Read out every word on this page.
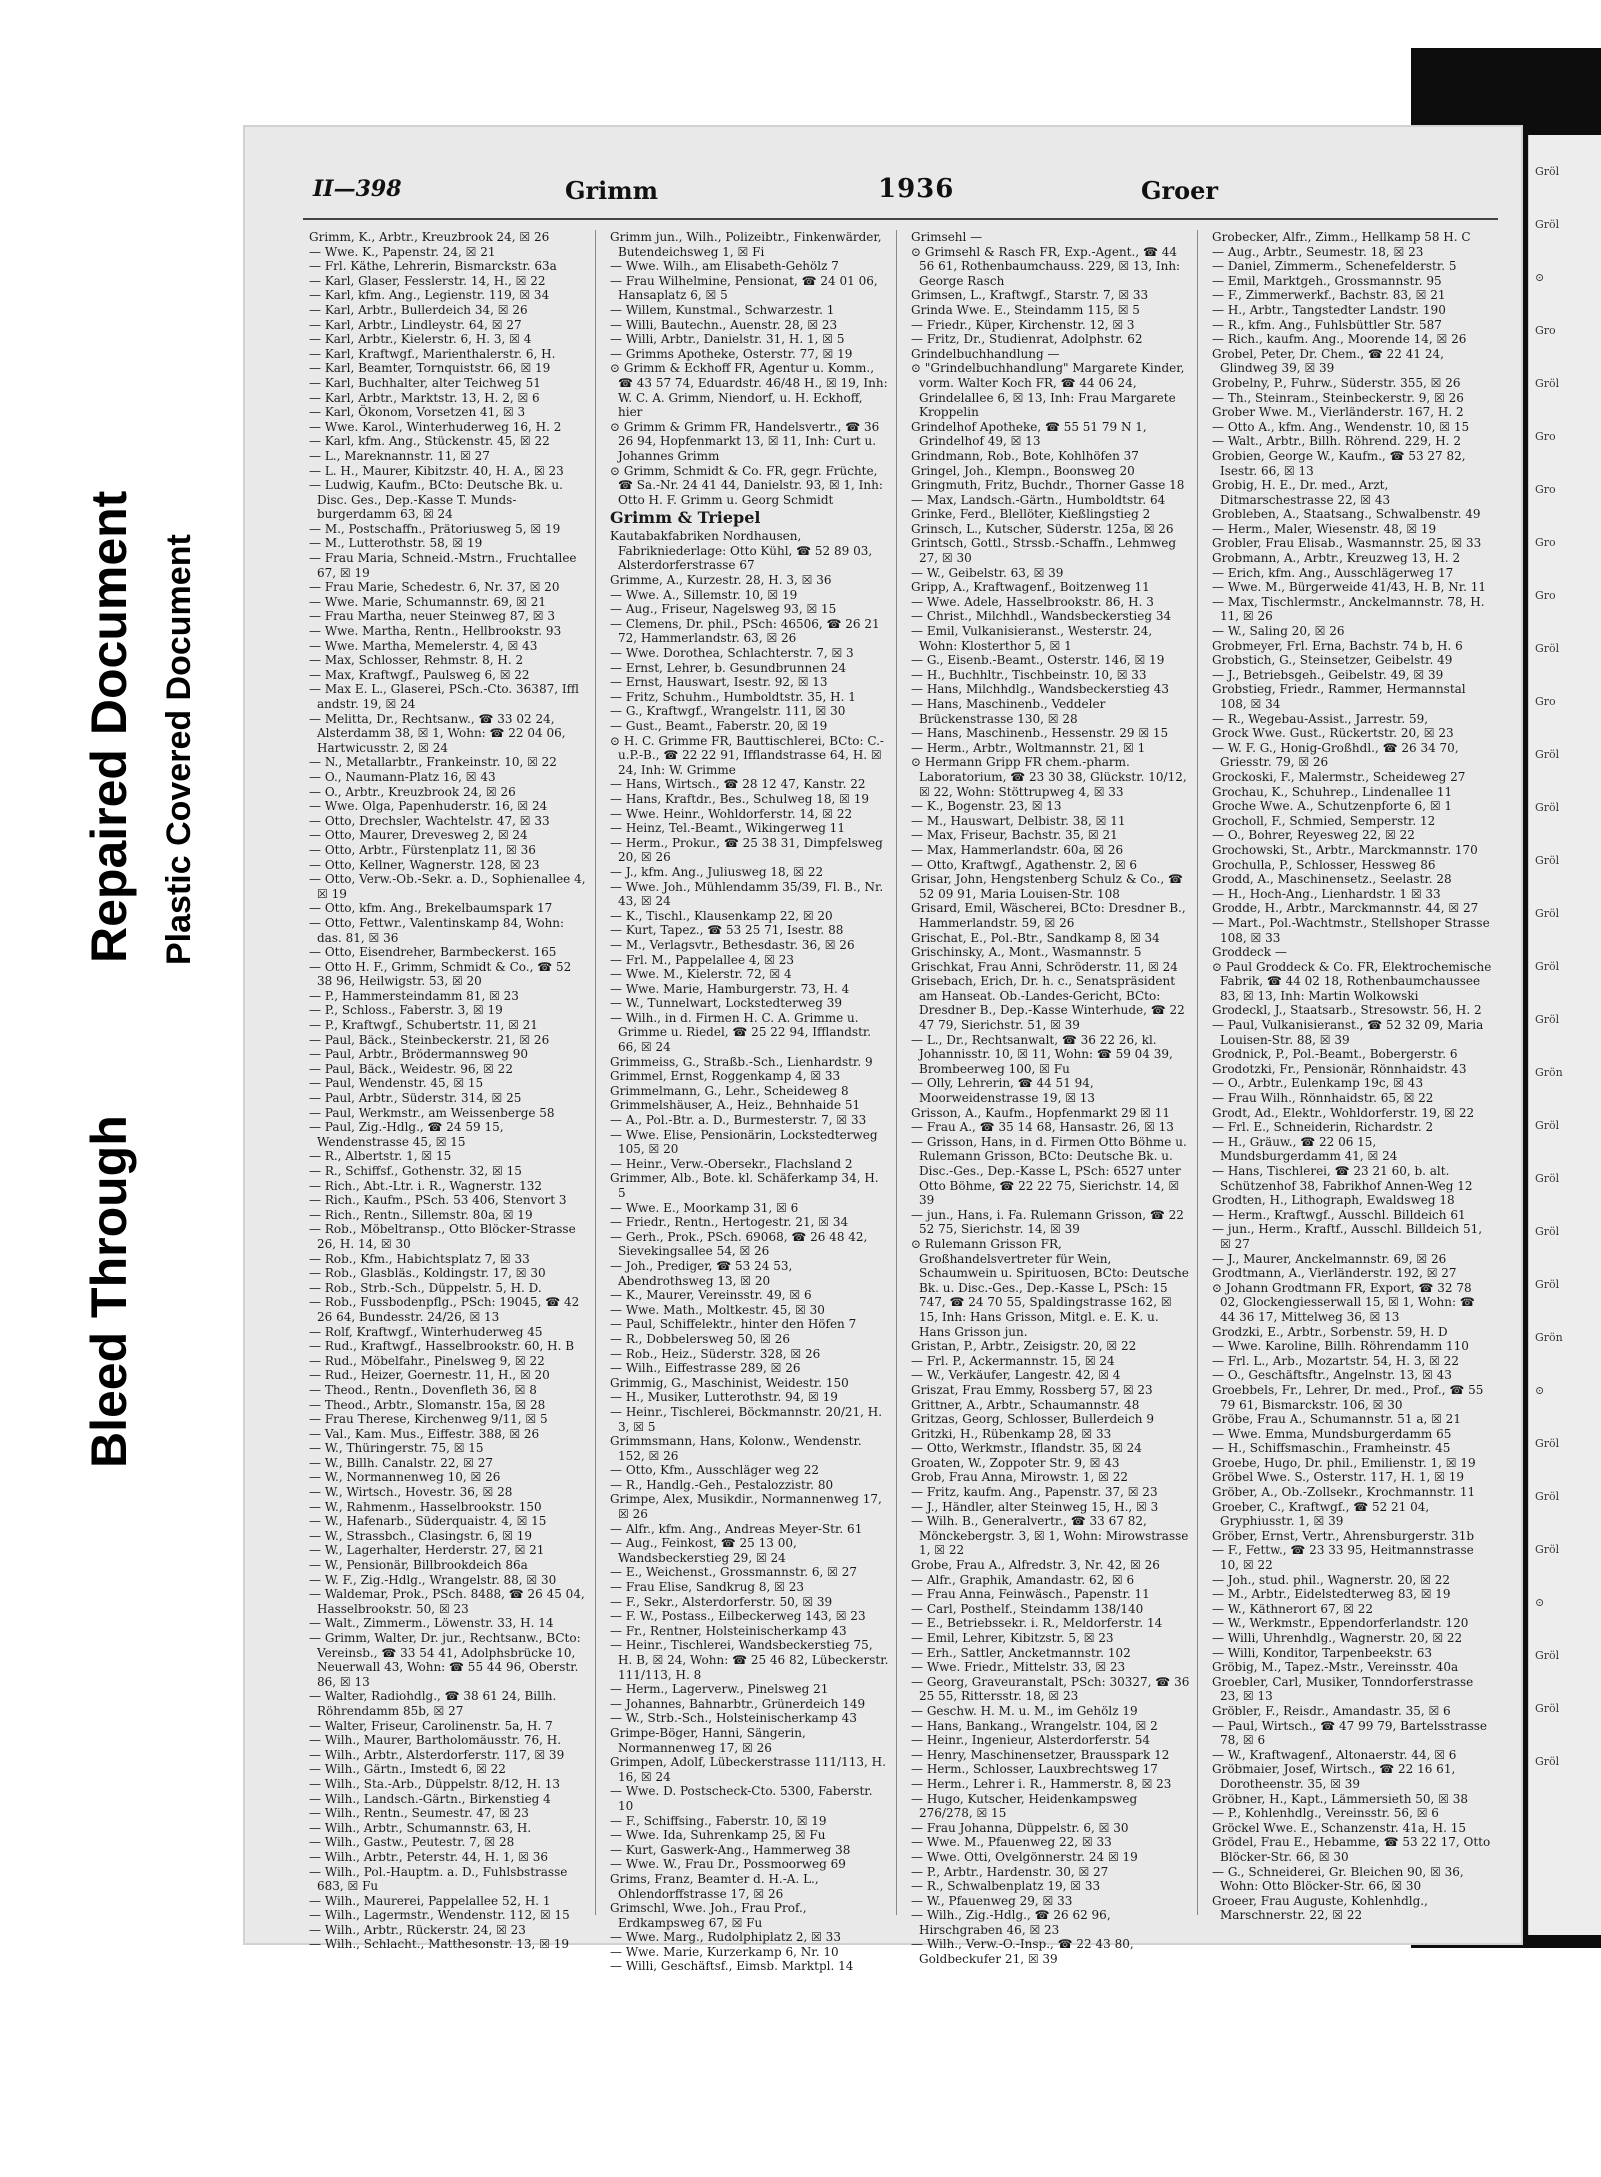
Repaired Document Plastic Covered Document
Bleed Through
II—398	Grimm	1936	Groer

Grimm, K., Arbtr., Kreuzbrook 24, ☒ 26

— Wwe. K., Papenstr. 24, ☒ 21

— Frl. Käthe, Lehrerin, Bismarckstr. 63a

— Karl, Glaser, Fesslerstr. 14, H., ☒ 22

— Karl, kfm. Ang., Legienstr. 119, ☒ 34

— Karl, Arbtr., Bullerdeich 34, ☒ 26

— Karl, Arbtr., Lindleystr. 64, ☒ 27

— Karl, Arbtr., Kielerstr. 6, H. 3, ☒ 4

— Karl, Kraftwgf., Marienthalerstr. 6, H.

— Karl, Beamter, Tornquiststr. 66, ☒ 19

— Karl, Buchhalter, alter Teichweg 51

— Karl, Arbtr., Marktstr. 13, H. 2, ☒ 6

— Karl, Ökonom, Vorsetzen 41, ☒ 3

— Wwe. Karol., Winterhuderweg 16, H. 2

— Karl, kfm. Ang., Stückenstr. 45, ☒ 22

— L., Mareknannstr. 11, ☒ 27

— L. H., Maurer, Kibitzstr. 40, H. A., ☒ 23

— Ludwig, Kaufm., BCto: Deutsche Bk. u. Disc. Ges., Dep.-Kasse T. Munds-burgerdamm 63, ☒ 24

— M., Postschaffn., Prätoriusweg 5, ☒ 19

— M., Lutterothstr. 58, ☒ 19

— Frau Maria, Schneid.-Mstrn., Fruchtallee 67, ☒ 19

— Frau Marie, Schedestr. 6, Nr. 37, ☒ 20

— Wwe. Marie, Schumannstr. 69, ☒ 21

— Frau Martha, neuer Steinweg 87, ☒ 3

— Wwe. Martha, Rentn., Hellbrookstr. 93

— Wwe. Martha, Memelerstr. 4, ☒ 43

— Max, Schlosser, Rehmstr. 8, H. 2

— Max, Kraftwgf., Paulsweg 6, ☒ 22

— Max E. L., Glaserei, PSch.-Cto. 36387, Iffl andstr. 19, ☒ 24

— Melitta, Dr., Rechtsanw., ☎ 33 02 24, Alsterdamm 38, ☒ 1, Wohn: ☎ 22 04 06, Hartwicusstr. 2, ☒ 24

— N., Metallarbtr., Frankeinstr. 10, ☒ 22

— O., Naumann-Platz 16, ☒ 43

— O., Arbtr., Kreuzbrook 24, ☒ 26

— Wwe. Olga, Papenhuderstr. 16, ☒ 24

— Otto, Drechsler, Wachtelstr. 47, ☒ 33

— Otto, Maurer, Drevesweg 2, ☒ 24

— Otto, Arbtr., Fürstenplatz 11, ☒ 36

— Otto, Kellner, Wagnerstr. 128, ☒ 23

— Otto, Verw.-Ob.-Sekr. a. D., Sophienallee 4, ☒ 19

— Otto, kfm. Ang., Brekelbaumspark 17

— Otto, Fettwr., Valentinskamp 84, Wohn: das. 81, ☒ 36

— Otto, Eisendreher, Barmbeckerst. 165

— Otto H. F., Grimm, Schmidt & Co., ☎ 52 38 96, Heilwigstr. 53, ☒ 20

— P., Hammersteindamm 81, ☒ 23

— P., Schloss., Faberstr. 3, ☒ 19

— P., Kraftwgf., Schubertstr. 11, ☒ 21

— Paul, Bäck., Steinbeckerstr. 21, ☒ 26

— Paul, Arbtr., Brödermannsweg 90

— Paul, Bäck., Weidestr. 96, ☒ 22

— Paul, Wendenstr. 45, ☒ 15

— Paul, Arbtr., Süderstr. 314, ☒ 25

— Paul, Werkmstr., am Weissenberge 58

— Paul, Zig.-Hdlg., ☎ 24 59 15, Wendenstrasse 45, ☒ 15

— R., Albertstr. 1, ☒ 15

— R., Schiffsf., Gothenstr. 32, ☒ 15

— Rich., Abt.-Ltr. i. R., Wagnerstr. 132

— Rich., Kaufm., PSch. 53 406, Stenvort 3

— Rich., Rentn., Sillemstr. 80a, ☒ 19

— Rob., Möbeltransp., Otto Blöcker-Strasse 26, H. 14, ☒ 30

— Rob., Kfm., Habichtsplatz 7, ☒ 33

— Rob., Glasbläs., Koldingstr. 17, ☒ 30

— Rob., Strb.-Sch., Düppelstr. 5, H. D.

— Rob., Fussbodenpflg., PSch: 19045, ☎ 42 26 64, Bundesstr. 24/26, ☒ 13

— Rolf, Kraftwgf., Winterhuderweg 45

— Rud., Kraftwgf., Hasselbrookstr. 60, H. B

— Rud., Möbelfahr., Pinelsweg 9, ☒ 22

— Rud., Heizer, Goernestr. 11, H., ☒ 20

— Theod., Rentn., Dovenfleth 36, ☒ 8

— Theod., Arbtr., Slomanstr. 15a, ☒ 28

— Frau Therese, Kirchenweg 9/11, ☒ 5

— Val., Kam. Mus., Eiffestr. 388, ☒ 26

— W., Thüringerstr. 75, ☒ 15

— W., Billh. Canalstr. 22, ☒ 27

— W., Normannenweg 10, ☒ 26

— W., Wirtsch., Hovestr. 36, ☒ 28

— W., Rahmenm., Hasselbrookstr. 150

— W., Hafenarb., Süderquaistr. 4, ☒ 15

— W., Strassbch., Clasingstr. 6, ☒ 19

— W., Lagerhalter, Herderstr. 27, ☒ 21

— W., Pensionär, Billbrookdeich 86a

— W. F., Zig.-Hdlg., Wrangelstr. 88, ☒ 30

— Waldemar, Prok., PSch. 8488, ☎ 26 45 04, Hasselbrookstr. 50, ☒ 23

— Walt., Zimmerm., Löwenstr. 33, H. 14

— Grimm, Walter, Dr. jur., Rechtsanw., BCto: Vereinsb., ☎ 33 54 41, Adolphsbrücke 10, Neuerwall 43, Wohn: ☎ 55 44 96, Oberstr. 86, ☒ 13

— Walter, Radiohdlg., ☎ 38 61 24, Billh. Röhrendamm 85b, ☒ 27

— Walter, Friseur, Carolinenstr. 5a, H. 7

— Wilh., Maurer, Bartholomäusstr. 76, H.

— Wilh., Arbtr., Alsterdorferstr. 117, ☒ 39

— Wilh., Gärtn., Imstedt 6, ☒ 22

— Wilh., Sta.-Arb., Düppelstr. 8/12, H. 13

— Wilh., Landsch.-Gärtn., Birkenstieg 4

— Wilh., Rentn., Seumestr. 47, ☒ 23

— Wilh., Arbtr., Schumannstr. 63, H.

— Wilh., Gastw., Peutestr. 7, ☒ 28

— Wilh., Arbtr., Peterstr. 44, H. 1, ☒ 36

— Wilh., Pol.-Hauptm. a. D., Fuhlsbstrasse 683, ☒ Fu

— Wilh., Maurerei, Pappelallee 52, H. 1

— Wilh., Lagermstr., Wendenstr. 112, ☒ 15

— Wilh., Arbtr., Rückerstr. 24, ☒ 23

— Wilh., Schlacht., Matthesonstr. 13, ☒ 19

Grimm jun., Wilh., Polizeibtr., Finkenwärder, Butendeichsweg 1, ☒ Fi

— Wwe. Wilh., am Elisabeth-Gehölz 7

— Frau Wilhelmine, Pensionat, ☎ 24 01 06, Hansaplatz 6, ☒ 5

— Willem, Kunstmal., Schwarzestr. 1

— Willi, Bautechn., Auenstr. 28, ☒ 23

— Willi, Arbtr., Danielstr. 31, H. 1, ☒ 5

— Grimms Apotheke, Osterstr. 77, ☒ 19

⊙ Grimm & Eckhoff FR, Agentur u. Komm., ☎ 43 57 74, Eduardstr. 46/48 H., ☒ 19, Inh: W. C. A. Grimm, Niendorf, u. H. Eckhoff, hier

⊙ Grimm & Grimm FR, Handelsvertr., ☎ 36 26 94, Hopfenmarkt 13, ☒ 11, Inh: Curt u. Johannes Grimm

⊙ Grimm, Schmidt & Co. FR, gegr. Früchte, ☎ Sa.-Nr. 24 41 44, Danielstr. 93, ☒ 1, Inh: Otto H. F. Grimm u. Georg Schmidt

Grimm & Triepel

Kautabakfabriken Nordhausen, Fabrikniederlage: Otto Kühl, ☎ 52 89 03, Alsterdorferstrasse 67

Grimme, A., Kurzestr. 28, H. 3, ☒ 36

— Wwe. A., Sillemstr. 10, ☒ 19

— Aug., Friseur, Nagelsweg 93, ☒ 15

— Clemens, Dr. phil., PSch: 46506, ☎ 26 21 72, Hammerlandstr. 63, ☒ 26

— Wwe. Dorothea, Schlachterstr. 7, ☒ 3

— Ernst, Lehrer, b. Gesundbrunnen 24

— Ernst, Hauswart, Isestr. 92, ☒ 13

— Fritz, Schuhm., Humboldtstr. 35, H. 1

— G., Kraftwgf., Wrangelstr. 111, ☒ 30

— Gust., Beamt., Faberstr. 20, ☒ 19

⊙ H. C. Grimme FR, Bauttischlerei, BCto: C.-u.P.-B., ☎ 22 22 91, Ifflandstrasse 64, H. ☒ 24, Inh: W. Grimme

— Hans, Wirtsch., ☎ 28 12 47, Kanstr. 22

— Hans, Kraftdr., Bes., Schulweg 18, ☒ 19

— Wwe. Heinr., Wohldorferstr. 14, ☒ 22

— Heinz, Tel.-Beamt., Wikingerweg 11

— Herm., Prokur., ☎ 25 38 31, Dimpfelsweg 20, ☒ 26

— J., kfm. Ang., Juliusweg 18, ☒ 22

— Wwe. Joh., Mühlendamm 35/39, Fl. B., Nr. 43, ☒ 24

— K., Tischl., Klausenkamp 22, ☒ 20

— Kurt, Tapez., ☎ 53 25 71, Isestr. 88

— M., Verlagsvtr., Bethesdastr. 36, ☒ 26

— Frl. M., Pappelallee 4, ☒ 23

— Wwe. M., Kielerstr. 72, ☒ 4

— Wwe. Marie, Hamburgerstr. 73, H. 4

— W., Tunnelwart, Lockstedterweg 39

— Wilh., in d. Firmen H. C. A. Grimme u. Grimme u. Riedel, ☎ 25 22 94, Ifflandstr. 66, ☒ 24

Grimmeiss, G., Straßb.-Sch., Lienhardstr. 9

Grimmel, Ernst, Roggenkamp 4, ☒ 33

Grimmelmann, G., Lehr., Scheideweg 8

Grimmelshäuser, A., Heiz., Behnhaide 51

— A., Pol.-Btr. a. D., Burmesterstr. 7, ☒ 33

— Wwe. Elise, Pensionärin, Lockstedterweg 105, ☒ 20

— Heinr., Verw.-Obersekr., Flachsland 2

Grimmer, Alb., Bote. kl. Schäferkamp 34, H. 5

— Wwe. E., Moorkamp 31, ☒ 6

— Friedr., Rentn., Hertogestr. 21, ☒ 34

— Gerh., Prok., PSch. 69068, ☎ 26 48 42, Sievekingsallee 54, ☒ 26

— Joh., Prediger, ☎ 53 24 53, Abendrothsweg 13, ☒ 20

— K., Maurer, Vereinsstr. 49, ☒ 6

— Wwe. Math., Moltkestr. 45, ☒ 30

— Paul, Schiffelektr., hinter den Höfen 7

— R., Dobbelersweg 50, ☒ 26

— Rob., Heiz., Süderstr. 328, ☒ 26

— Wilh., Eiffestrasse 289, ☒ 26

Grimmig, G., Maschinist, Weidestr. 150

— H., Musiker, Lutterothstr. 94, ☒ 19

— Heinr., Tischlerei, Böckmannstr. 20/21, H. 3, ☒ 5

Grimmsmann, Hans, Kolonw., Wendenstr. 152, ☒ 26

— Otto, Kfm., Ausschläger weg 22

— R., Handlg.-Geh., Pestalozzistr. 80

Grimpe, Alex, Musikdir., Normannenweg 17, ☒ 26

— Alfr., kfm. Ang., Andreas Meyer-Str. 61

— Aug., Feinkost, ☎ 25 13 00, Wandsbeckerstieg 29, ☒ 24

— E., Weichenst., Grossmannstr. 6, ☒ 27

— Frau Elise, Sandkrug 8, ☒ 23

— F., Sekr., Alsterdorferstr. 50, ☒ 39

— F. W., Postass., Eilbeckerweg 143, ☒ 23

— Fr., Rentner, Holsteinischerkamp 43

— Heinr., Tischlerei, Wandsbeckerstieg 75, H. B, ☒ 24, Wohn: ☎ 25 46 82, Lübeckerstr. 111/113, H. 8

— Herm., Lagerverw., Pinelsweg 21

— Johannes, Bahnarbtr., Grünerdeich 149

— W., Strb.-Sch., Holsteinischerkamp 43

Grimpe-Böger, Hanni, Sängerin, Normannenweg 17, ☒ 26

Grimpen, Adolf, Lübeckerstrasse 111/113, H. 16, ☒ 24

— Wwe. D. Postscheck-Cto. 5300, Faberstr. 10

— F., Schiffsing., Faberstr. 10, ☒ 19

— Wwe. Ida, Suhrenkamp 25, ☒ Fu

— Kurt, Gaswerk-Ang., Hammerweg 38

— Wwe. W., Frau Dr., Possmoorweg 69

Grims, Franz, Beamter d. H.-A. L., Ohlendorffstrasse 17, ☒ 26

Grimschl, Wwe. Joh., Frau Prof., Erdkampsweg 67, ☒ Fu

— Wwe. Marg., Rudolphiplatz 2, ☒ 33

— Wwe. Marie, Kurzerkamp 6, Nr. 10

— Willi, Geschäftsf., Eimsb. Marktpl. 14

Grimsehl —

⊙ Grimsehl & Rasch FR, Exp.-Agent., ☎ 44 56 61, Rothenbaumchauss. 229, ☒ 13, Inh: George Rasch

Grimsen, L., Kraftwgf., Starstr. 7, ☒ 33

Grinda Wwe. E., Steindamm 115, ☒ 5

— Friedr., Küper, Kirchenstr. 12, ☒ 3

— Fritz, Dr., Studienrat, Adolphstr. 62

Grindelbuchhandlung —

⊙ "Grindelbuchhandlung" Margarete Kinder, vorm. Walter Koch FR, ☎ 44 06 24, Grindelallee 6, ☒ 13, Inh: Frau Margarete Kroppelin

Grindelhof Apotheke, ☎ 55 51 79 N 1, Grindelhof 49, ☒ 13

Grindmann, Rob., Bote, Kohlhöfen 37

Gringel, Joh., Klempn., Boonsweg 20

Gringmuth, Fritz, Buchdr., Thorner Gasse 18

— Max, Landsch.-Gärtn., Humboldtstr. 64

Grinke, Ferd., Blellöter, Kießlingstieg 2

Grinsch, L., Kutscher, Süderstr. 125a, ☒ 26

Grintsch, Gottl., Strssb.-Schaffn., Lehmweg 27, ☒ 30

— W., Geibelstr. 63, ☒ 39

Gripp, A., Kraftwagenf., Boitzenweg 11

— Wwe. Adele, Hasselbrookstr. 86, H. 3

— Christ., Milchhdl., Wandsbeckerstieg 34

— Emil, Vulkanisieranst., Westerstr. 24, Wohn: Klosterthor 5, ☒ 1

— G., Eisenb.-Beamt., Osterstr. 146, ☒ 19

— H., Buchhltr., Tischbeinstr. 10, ☒ 33

— Hans, Milchhdlg., Wandsbeckerstieg 43

— Hans, Maschinenb., Veddeler Brückenstrasse 130, ☒ 28

— Hans, Maschinenb., Hessenstr. 29 ☒ 15

— Herm., Arbtr., Woltmannstr. 21, ☒ 1

⊙ Hermann Gripp FR chem.-pharm. Laboratorium, ☎ 23 30 38, Glückstr. 10/12, ☒ 22, Wohn: Stöttrupweg 4, ☒ 33

— K., Bogenstr. 23, ☒ 13

— M., Hauswart, Delbistr. 38, ☒ 11

— Max, Friseur, Bachstr. 35, ☒ 21

— Max, Hammerlandstr. 60a, ☒ 26

— Otto, Kraftwgf., Agathenstr. 2, ☒ 6

Grisar, John, Hengstenberg Schulz & Co., ☎ 52 09 91, Maria Louisen-Str. 108

Grisard, Emil, Wäscherei, BCto: Dresdner B., Hammerlandstr. 59, ☒ 26

Grischat, E., Pol.-Btr., Sandkamp 8, ☒ 34

Grischinsky, A., Mont., Wasmannstr. 5

Grischkat, Frau Anni, Schröderstr. 11, ☒ 24

Grisebach, Erich, Dr. h. c., Senatspräsident am Hanseat. Ob.-Landes-Gericht, BCto: Dresdner B., Dep.-Kasse Winterhude, ☎ 22 47 79, Sierichstr. 51, ☒ 39

— L., Dr., Rechtsanwalt, ☎ 36 22 26, kl. Johannisstr. 10, ☒ 11, Wohn: ☎ 59 04 39, Brombeerweg 100, ☒ Fu

— Olly, Lehrerin, ☎ 44 51 94, Moorweidenstrasse 19, ☒ 13

Grisson, A., Kaufm., Hopfenmarkt 29 ☒ 11

— Frau A., ☎ 35 14 68, Hansastr. 26, ☒ 13

— Grisson, Hans, in d. Firmen Otto Böhme u. Rulemann Grisson, BCto: Deutsche Bk. u. Disc.-Ges., Dep.-Kasse L, PSch: 6527 unter Otto Böhme, ☎ 22 22 75, Sierichstr. 14, ☒ 39

— jun., Hans, i. Fa. Rulemann Grisson, ☎ 22 52 75, Sierichstr. 14, ☒ 39

⊙ Rulemann Grisson FR, Großhandelsvertreter für Wein, Schaumwein u. Spirituosen, BCto: Deutsche Bk. u. Disc.-Ges., Dep.-Kasse L, PSch: 15 747, ☎ 24 70 55, Spaldingstrasse 162, ☒ 15, Inh: Hans Grisson, Mitgl. e. E. K. u. Hans Grisson jun.

Gristan, P., Arbtr., Zeisigstr. 20, ☒ 22

— Frl. P., Ackermannstr. 15, ☒ 24

— W., Verkäufer, Langestr. 42, ☒ 4

Griszat, Frau Emmy, Rossberg 57, ☒ 23

Grittner, A., Arbtr., Schaumannstr. 48

Gritzas, Georg, Schlosser, Bullerdeich 9

Gritzki, H., Rübenkamp 28, ☒ 33

— Otto, Werkmstr., Iflandstr. 35, ☒ 24

Groaten, W., Zoppoter Str. 9, ☒ 43

Grob, Frau Anna, Mirowstr. 1, ☒ 22

— Fritz, kaufm. Ang., Papenstr. 37, ☒ 23

— J., Händler, alter Steinweg 15, H., ☒ 3

— Wilh. B., Generalvertr., ☎ 33 67 82, Mönckebergstr. 3, ☒ 1, Wohn: Mirowstrasse 1, ☒ 22

Grobe, Frau A., Alfredstr. 3, Nr. 42, ☒ 26

— Alfr., Graphik, Amandastr. 62, ☒ 6

— Frau Anna, Feinwäsch., Papenstr. 11

— Carl, Posthelf., Steindamm 138/140

— E., Betriebssekr. i. R., Meldorferstr. 14

— Emil, Lehrer, Kibitzstr. 5, ☒ 23

— Erh., Sattler, Ancketmannstr. 102

— Wwe. Friedr., Mittelstr. 33, ☒ 23

— Georg, Graveuranstalt, PSch: 30327, ☎ 36 25 55, Rittersstr. 18, ☒ 23

— Geschw. H. M. u. M., im Gehölz 19

— Hans, Bankang., Wrangelstr. 104, ☒ 2

— Heinr., Ingenieur, Alsterdorferstr. 54

— Henry, Maschinensetzer, Brausspark 12

— Herm., Schlosser, Lauxbrechtsweg 17

— Herm., Lehrer i. R., Hammerstr. 8, ☒ 23

— Hugo, Kutscher, Heidenkampsweg 276/278, ☒ 15

— Frau Johanna, Düppelstr. 6, ☒ 30

— Wwe. M., Pfauenweg 22, ☒ 33

— Wwe. Otti, Ovelgönnerstr. 24 ☒ 19

— P., Arbtr., Hardenstr. 30, ☒ 27

— R., Schwalbenplatz 19, ☒ 33

— W., Pfauenweg 29, ☒ 33

— Wilh., Zig.-Hdlg., ☎ 26 62 96, Hirschgraben 46, ☒ 23

— Wilh., Verw.-O.-Insp., ☎ 22 43 80, Goldbeckufer 21, ☒ 39

Grobecker, Alfr., Zimm., Hellkamp 58 H. C

— Aug., Arbtr., Seumestr. 18, ☒ 23

— Daniel, Zimmerm., Schenefelderstr. 5

— Emil, Marktgeh., Grossmannstr. 95

— F., Zimmerwerkf., Bachstr. 83, ☒ 21

— H., Arbtr., Tangstedter Landstr. 190

— R., kfm. Ang., Fuhlsbüttler Str. 587

— Rich., kaufm. Ang., Moorende 14, ☒ 26

Grobel, Peter, Dr. Chem., ☎ 22 41 24, Glindweg 39, ☒ 39

Grobelny, P., Fuhrw., Süderstr. 355, ☒ 26

— Th., Steinram., Steinbeckerstr. 9, ☒ 26

Grober Wwe. M., Vierländerstr. 167, H. 2

— Otto A., kfm. Ang., Wendenstr. 10, ☒ 15

— Walt., Arbtr., Billh. Röhrend. 229, H. 2

Grobien, George W., Kaufm., ☎ 53 27 82, Isestr. 66, ☒ 13

Grobig, H. E., Dr. med., Arzt, Ditmarschestrasse 22, ☒ 43

Grobleben, A., Staatsang., Schwalbenstr. 49

— Herm., Maler, Wiesenstr. 48, ☒ 19

Grobler, Frau Elisab., Wasmannstr. 25, ☒ 33

Grobmann, A., Arbtr., Kreuzweg 13, H. 2

— Erich, kfm. Ang., Ausschlägerweg 17

— Wwe. M., Bürgerweide 41/43, H. B, Nr. 11

— Max, Tischlermstr., Anckelmannstr. 78, H. 11, ☒ 26

— W., Saling 20, ☒ 26

Grobmeyer, Frl. Erna, Bachstr. 74 b, H. 6

Grobstich, G., Steinsetzer, Geibelstr. 49

— J., Betriebsgeh., Geibelstr. 49, ☒ 39

Grobstieg, Friedr., Rammer, Hermannstal 108, ☒ 34

— R., Wegebau-Assist., Jarrestr. 59,

Grock Wwe. Gust., Rückertstr. 20, ☒ 23

— W. F. G., Honig-Großhdl., ☎ 26 34 70, Griesstr. 79, ☒ 26

Grockoski, F., Malermstr., Scheideweg 27

Grochau, K., Schuhrep., Lindenallee 11

Groche Wwe. A., Schutzenpforte 6, ☒ 1

Grocholl, F., Schmied, Semperstr. 12

— O., Bohrer, Reyesweg 22, ☒ 22

Grochowski, St., Arbtr., Marckmannstr. 170

Grochulla, P., Schlosser, Hessweg 86

Grodd, A., Maschinensetz., Seelastr. 28

— H., Hoch-Ang., Lienhardstr. 1 ☒ 33

Grodde, H., Arbtr., Marckmannstr. 44, ☒ 27

— Mart., Pol.-Wachtmstr., Stellshoper Strasse 108, ☒ 33

Groddeck —

⊙ Paul Groddeck & Co. FR, Elektrochemische Fabrik, ☎ 44 02 18, Rothenbaumchaussee 83, ☒ 13, Inh: Martin Wolkowski

Grodeckl, J., Staatsarb., Stresowstr. 56, H. 2

— Paul, Vulkanisieranst., ☎ 52 32 09, Maria Louisen-Str. 88, ☒ 39

Grodnick, P., Pol.-Beamt., Bobergerstr. 6

Grodotzki, Fr., Pensionär, Rönnhaidstr. 43

— O., Arbtr., Eulenkamp 19c, ☒ 43

— Frau Wilh., Rönnhaidstr. 65, ☒ 22

Grodt, Ad., Elektr., Wohldorferstr. 19, ☒ 22

— Frl. E., Schneiderin, Richardstr. 2

— H., Gräuw., ☎ 22 06 15, Mundsburgerdamm 41, ☒ 24

— Hans, Tischlerei, ☎ 23 21 60, b. alt. Schützenhof 38, Fabrikhof Annen-Weg 12

Grodten, H., Lithograph, Ewaldsweg 18

— Herm., Kraftwgf., Ausschl. Billdeich 61

— jun., Herm., Kraftf., Ausschl. Billdeich 51, ☒ 27

— J., Maurer, Anckelmannstr. 69, ☒ 26

Grodtmann, A., Vierländerstr. 192, ☒ 27

⊙ Johann Grodtmann FR, Export, ☎ 32 78 02, Glockengiesserwall 15, ☒ 1, Wohn: ☎ 44 36 17, Mittelweg 36, ☒ 13

Grodzki, E., Arbtr., Sorbenstr. 59, H. D

— Wwe. Karoline, Billh. Röhrendamm 110

— Frl. L., Arb., Mozartstr. 54, H. 3, ☒ 22

— O., Geschäftsftr., Angelnstr. 13, ☒ 43

Groebbels, Fr., Lehrer, Dr. med., Prof., ☎ 55 79 61, Bismarckstr. 106, ☒ 30

Gröbe, Frau A., Schumannstr. 51 a, ☒ 21

— Wwe. Emma, Mundsburgerdamm 65

— H., Schiffsmaschin., Framheinstr. 45

Groebe, Hugo, Dr. phil., Emilienstr. 1, ☒ 19

Gröbel Wwe. S., Osterstr. 117, H. 1, ☒ 19

Gröber, A., Ob.-Zollsekr., Krochmannstr. 11

Groeber, C., Kraftwgf., ☎ 52 21 04, Gryphiusstr. 1, ☒ 39

Gröber, Ernst, Vertr., Ahrensburgerstr. 31b

— F., Fettw., ☎ 23 33 95, Heitmannstrasse 10, ☒ 22

— Joh., stud. phil., Wagnerstr. 20, ☒ 22

— M., Arbtr., Eidelstedterweg 83, ☒ 19

— W., Käthnerort 67, ☒ 22

— W., Werkmstr., Eppendorferlandstr. 120

— Willi, Uhrenhdlg., Wagnerstr. 20, ☒ 22

— Willi, Konditor, Tarpenbeekstr. 63

Gröbig, M., Tapez.-Mstr., Vereinsstr. 40a

Groebler, Carl, Musiker, Tonndorferstrasse 23, ☒ 13

Gröbler, F., Reisdr., Amandastr. 35, ☒ 6

— Paul, Wirtsch., ☎ 47 99 79, Bartelsstrasse 78, ☒ 6

— W., Kraftwagenf., Altonaerstr. 44, ☒ 6

Gröbmaier, Josef, Wirtsch., ☎ 22 16 61, Dorotheenstr. 35, ☒ 39

Gröbner, H., Kapt., Lämmersieth 50, ☒ 38

— P., Kohlenhdlg., Vereinsstr. 56, ☒ 6

Gröckel Wwe. E., Schanzenstr. 41a, H. 15

Grödel, Frau E., Hebamme, ☎ 53 22 17, Otto Blöcker-Str. 66, ☒ 30

— G., Schneiderei, Gr. Bleichen 90, ☒ 36, Wohn: Otto Blöcker-Str. 66, ☒ 30

Groeer, Frau Auguste, Kohlenhdlg., Marschnerstr. 22, ☒ 22

Gröl
Gröl
⊙
Gro
Gröl
Gro
Gro
Gro
Gro
Gröl
Gro
Gröl
Gröl
Gröl
Gröl
Gröl
Gröl
Grön
Gröl
Gröl
Gröl
Gröl
Grön
⊙
Gröl
Gröl
Gröl
⊙
Gröl
Gröl
Gröl
